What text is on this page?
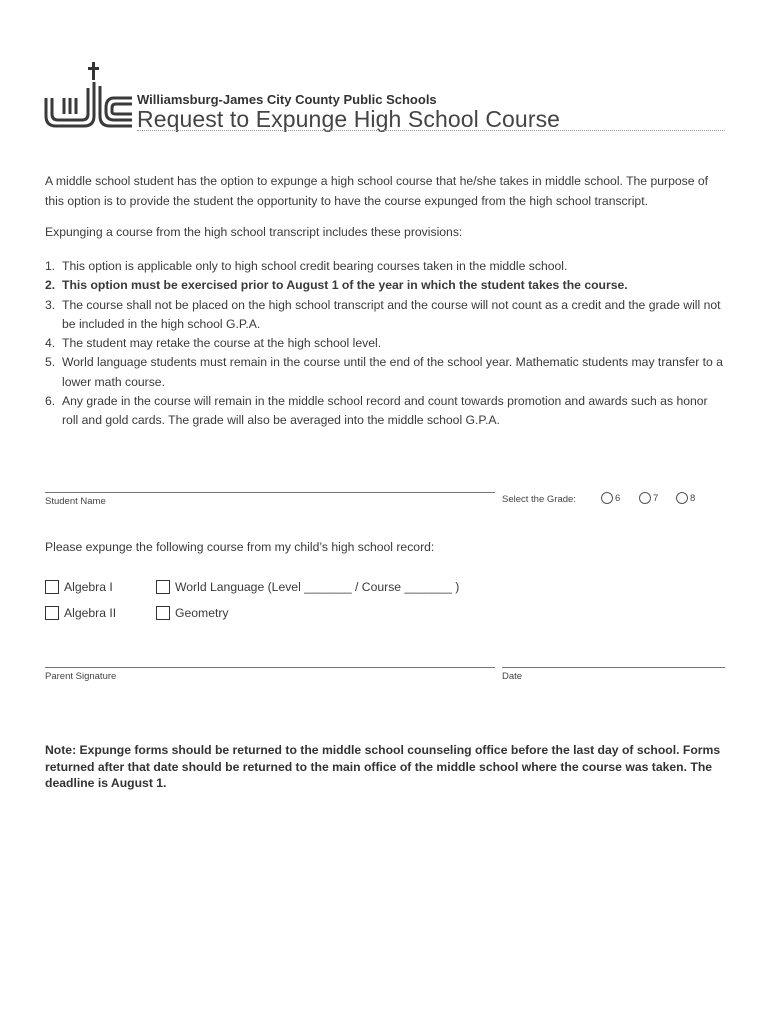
Williamsburg-James City County Public Schools
Request to Expunge High School Course
A middle school student has the option to expunge a high school course that he/she takes in middle school. The purpose of this option is to provide the student the opportunity to have the course expunged from the high school transcript.
Expunging a course from the high school transcript includes these provisions:
1. This option is applicable only to high school credit bearing courses taken in the middle school.
2. This option must be exercised prior to August 1 of the year in which the student takes the course.
3. The course shall not be placed on the high school transcript and the course will not count as a credit and the grade will not be included in the high school G.P.A.
4. The student may retake the course at the high school level.
5. World language students must remain in the course until the end of the school year. Mathematic students may transfer to a lower math course.
6. Any grade in the course will remain in the middle school record and count towards promotion and awards such as honor roll and gold cards. The grade will also be averaged into the middle school G.P.A.
Student Name	Select the Grade:	6	7	8
Please expunge the following course from my child’s high school record:
Algebra I	World Language (Level _______ / Course _______ )
Algebra II	Geometry
Parent Signature	Date
Note: Expunge forms should be returned to the middle school counseling office before the last day of school. Forms returned after that date should be returned to the main office of the middle school where the course was taken. The deadline is August 1.
